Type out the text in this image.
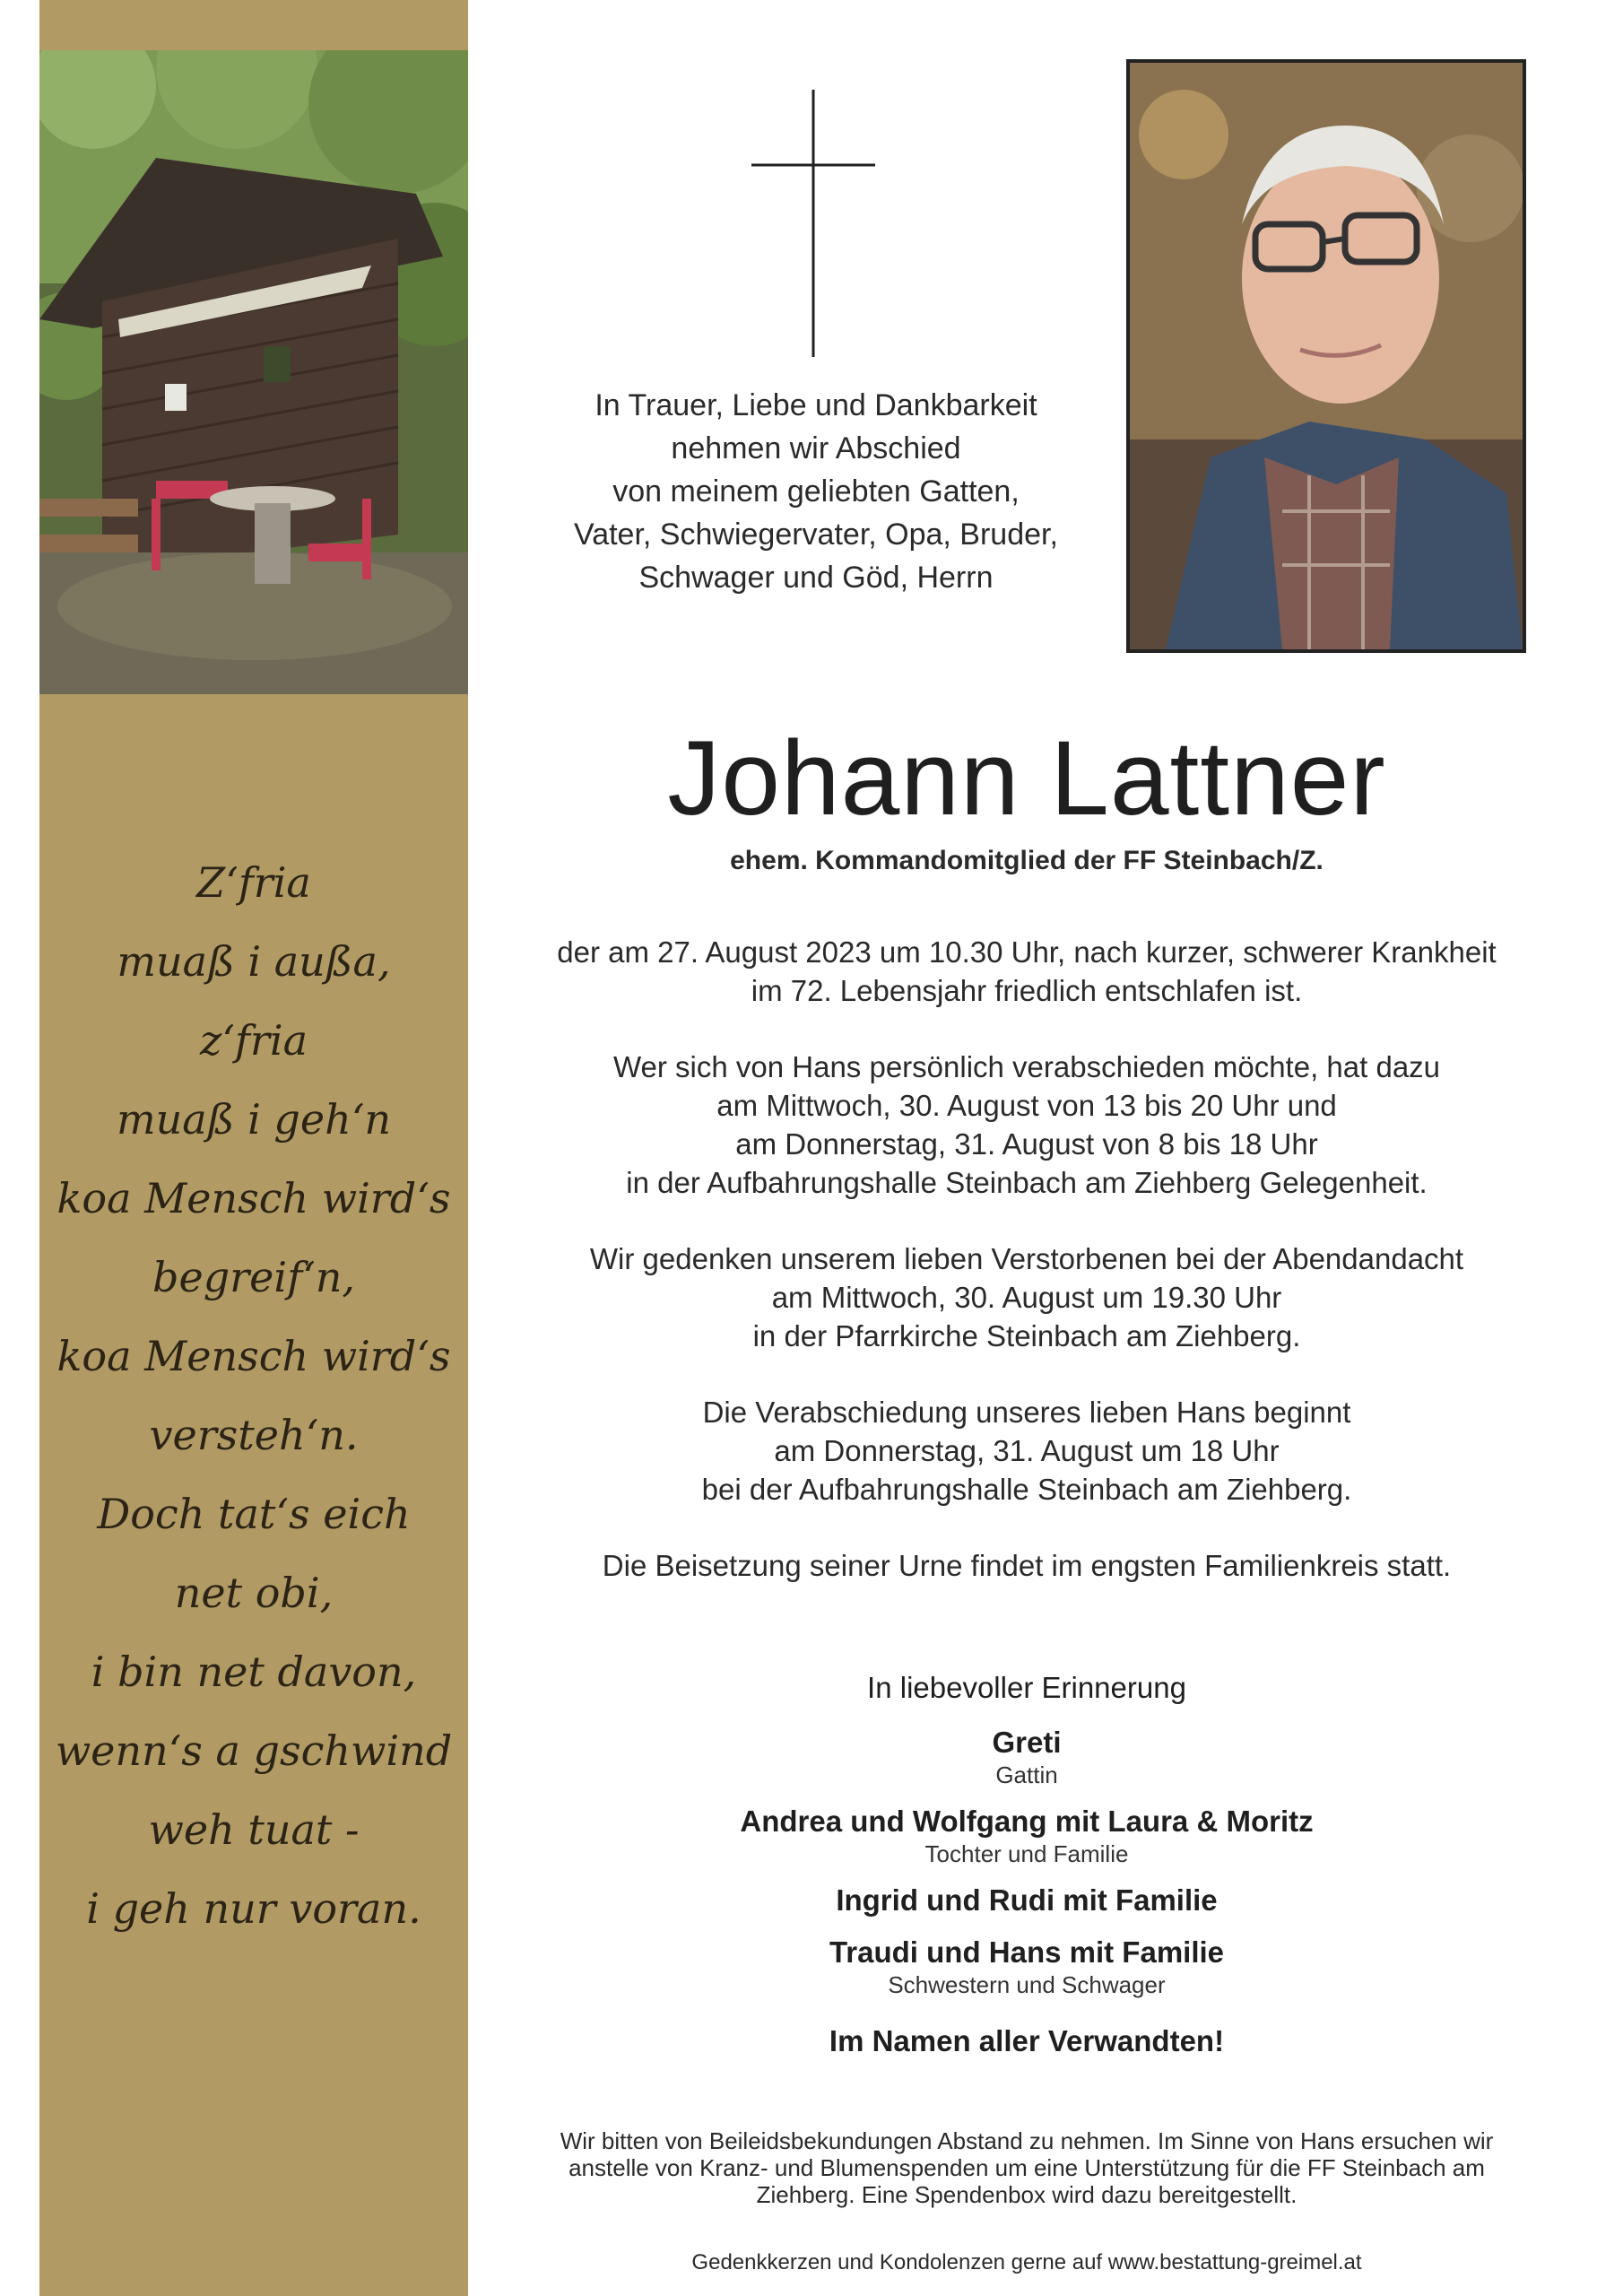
Z‘fria
muaß i außa,
z‘fria
muaß i geh‘n
koa Mensch wird‘s
begreif‘n,
koa Mensch wird‘s
versteh‘n.
Doch tat‘s eich
net obi,
i bin net davon,
wenn‘s a gschwind
weh tuat -
i geh nur voran.
In Trauer, Liebe und Dankbarkeit
nehmen wir Abschied
von meinem geliebten Gatten,
Vater, Schwiegervater, Opa, Bruder,
Schwager und Göd, Herrn
Johann Lattner
ehem. Kommandomitglied der FF Steinbach/Z.

der am 27. August 2023 um 10.30 Uhr, nach kurzer, schwerer Krankheit
im 72. Lebensjahr friedlich entschlafen ist.

Wer sich von Hans persönlich verabschieden möchte, hat dazu
am Mittwoch, 30. August von 13 bis 20 Uhr und
am Donnerstag, 31. August von 8 bis 18 Uhr
in der Aufbahrungshalle Steinbach am Ziehberg Gelegenheit.

Wir gedenken unserem lieben Verstorbenen bei der Abendandacht
am Mittwoch, 30. August um 19.30 Uhr
in der Pfarrkirche Steinbach am Ziehberg.

Die Verabschiedung unseres lieben Hans beginnt
am Donnerstag, 31. August um 18 Uhr
bei der Aufbahrungshalle Steinbach am Ziehberg.

Die Beisetzung seiner Urne findet im engsten Familienkreis statt.

In liebevoller Erinnerung
Greti
Gattin
Andrea und Wolfgang mit Laura & Moritz
Tochter und Familie
Ingrid und Rudi mit Familie
Traudi und Hans mit Familie
Schwestern und Schwager
Im Namen aller Verwandten!
Wir bitten von Beileidsbekundungen Abstand zu nehmen. Im Sinne von Hans ersuchen wir
anstelle von Kranz- und Blumenspenden um eine Unterstützung für die FF Steinbach am
Ziehberg. Eine Spendenbox wird dazu bereitgestellt.
Gedenkkerzen und Kondolenzen gerne auf www.bestattung-greimel.at
